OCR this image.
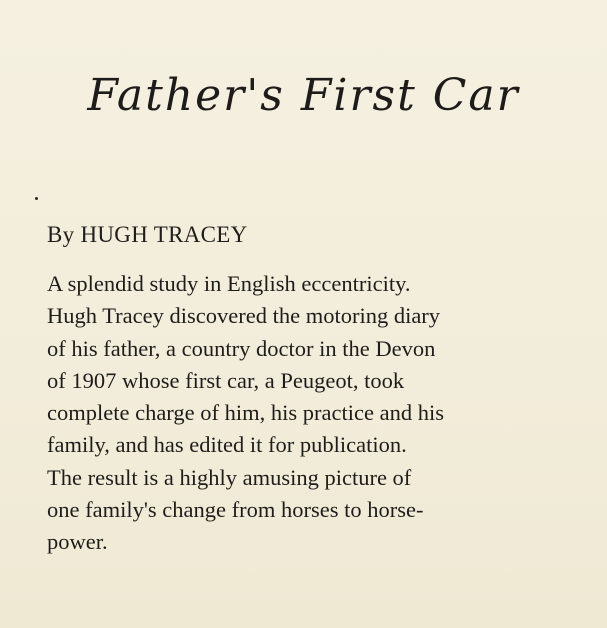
Father's First Car
By HUGH TRACEY

A splendid study in English eccentricity.
Hugh Tracey discovered the motoring diary
of his father, a country doctor in the Devon
of 1907 whose first car, a Peugeot, took
complete charge of him, his practice and his
family, and has edited it for publication.
The result is a highly amusing picture of
one family's change from horses to horse-
power.
